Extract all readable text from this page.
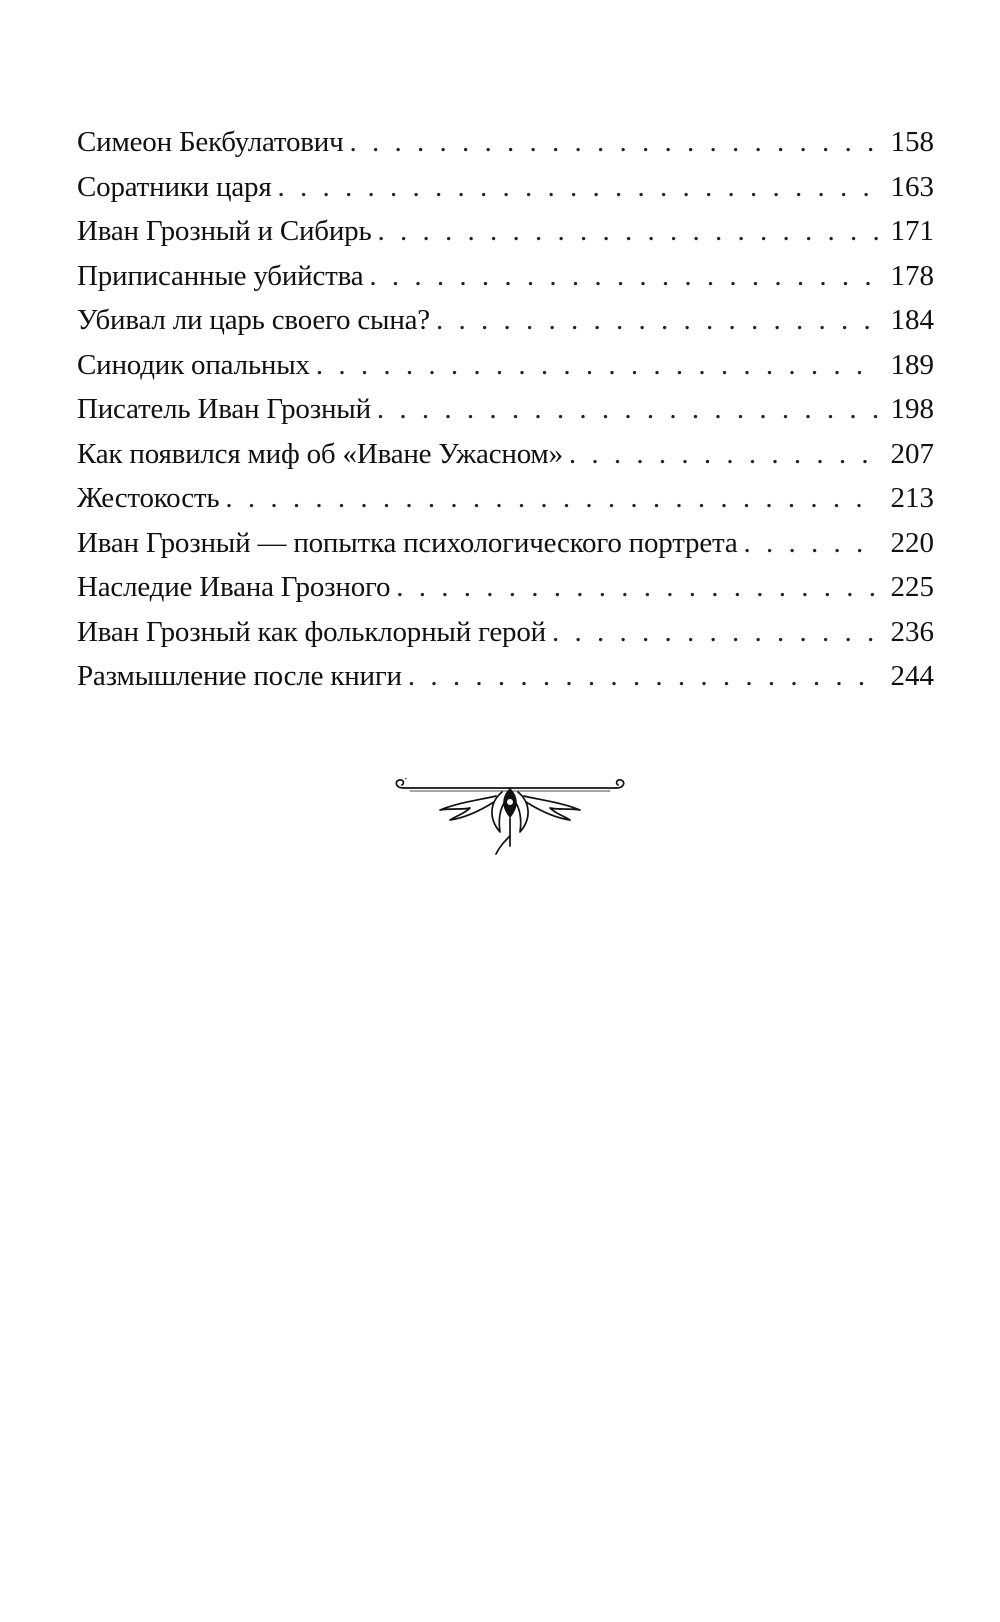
Симеон Бекбулатович . . .	158
Соратники царя . . .	163
Иван Грозный и Сибирь . . .	171
Приписанные убийства . . .	178
Убивал ли царь своего сына? . . .	184
Синодик опальных . . .	189
Писатель Иван Грозный . . .	198
Как появился миф об «Иване Ужасном» . . .	207
Жестокость . . .	213
Иван Грозный — попытка психологического портрета . . .	220
Наследие Ивана Грозного . . .	225
Иван Грозный как фольклорный герой . . .	236
Размышление после книги . . .	244
